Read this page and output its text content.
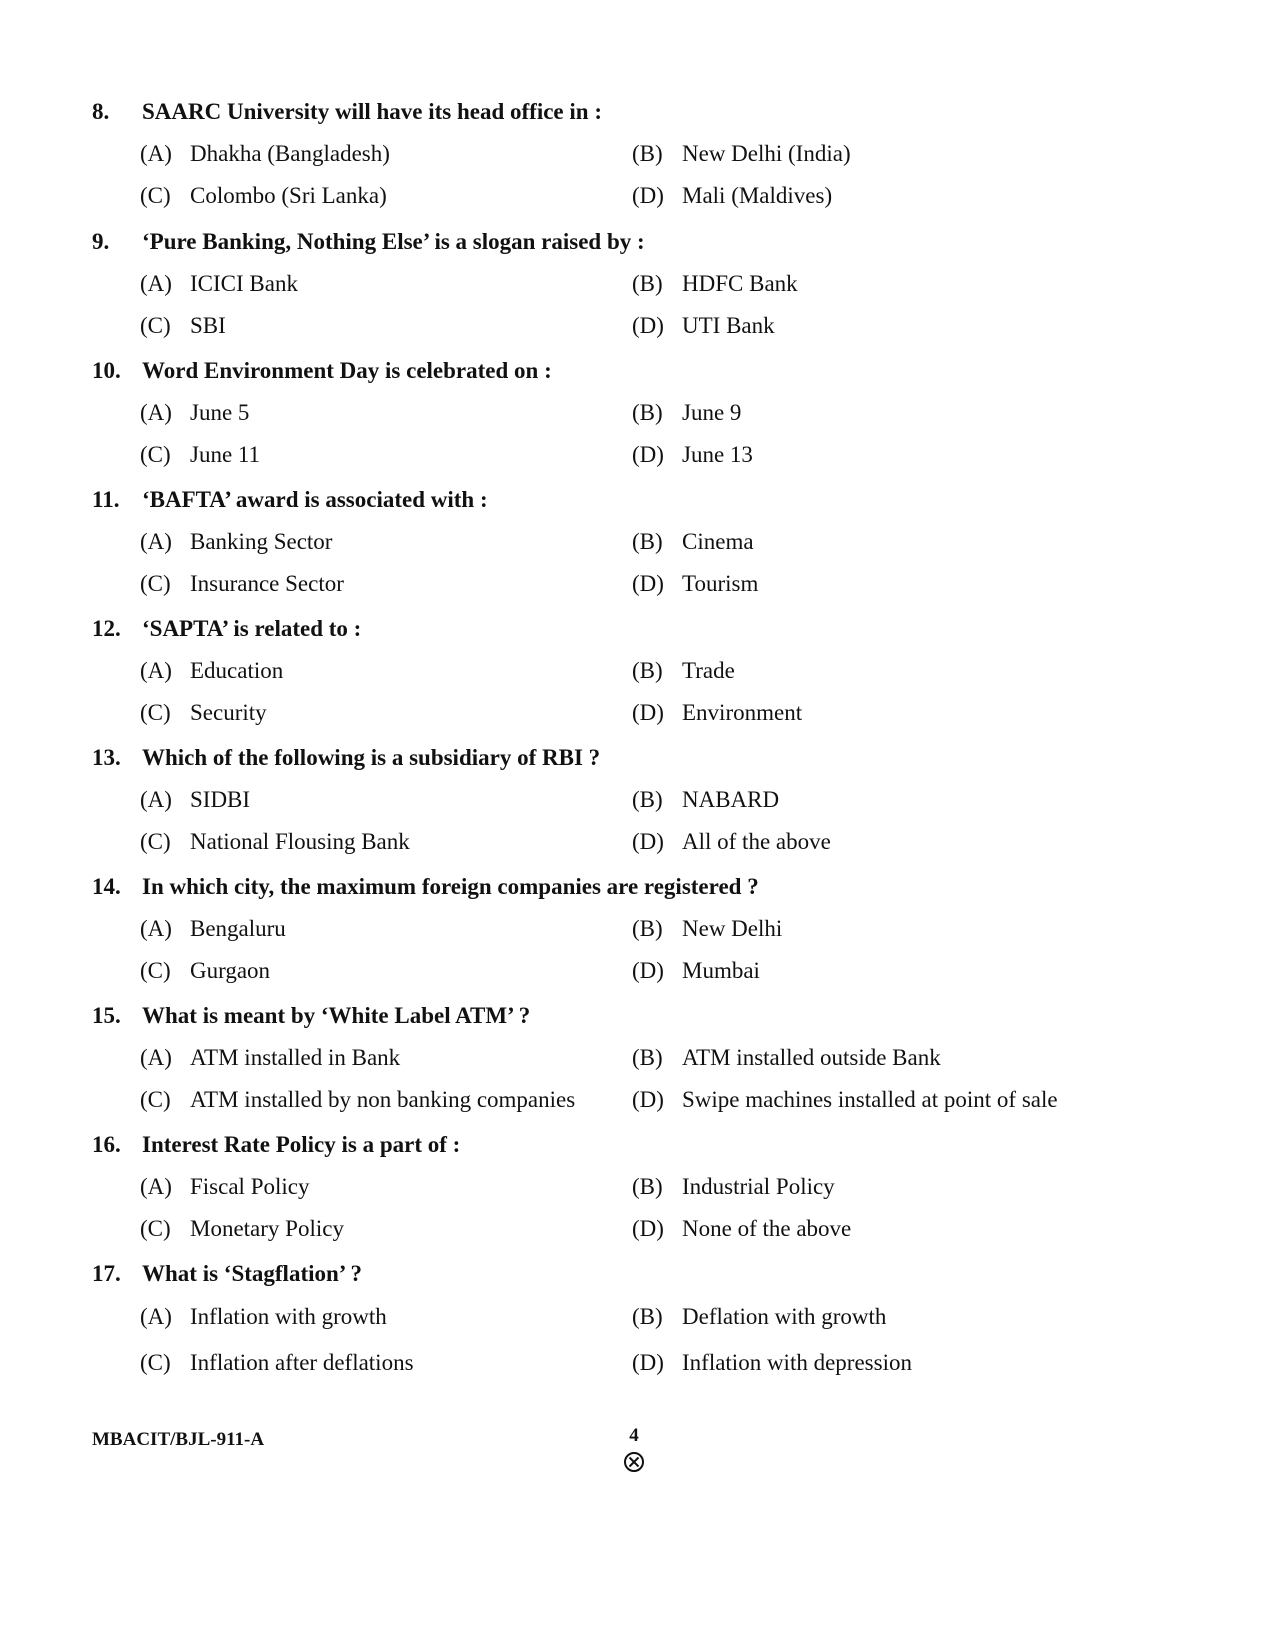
8. SAARC University will have its head office in :
(A) Dhakha (Bangladesh)	(B) New Delhi (India)
(C) Colombo (Sri Lanka)	(D) Mali (Maldives)
9. ‘Pure Banking, Nothing Else’ is a slogan raised by :
(A) ICICI Bank	(B) HDFC Bank
(C) SBI	(D) UTI Bank
10. Word Environment Day is celebrated on :
(A) June 5	(B) June 9
(C) June 11	(D) June 13
11. ‘BAFTA’ award is associated with :
(A) Banking Sector	(B) Cinema
(C) Insurance Sector	(D) Tourism
12. ‘SAPTA’ is related to :
(A) Education	(B) Trade
(C) Security	(D) Environment
13. Which of the following is a subsidiary of RBI ?
(A) SIDBI	(B) NABARD
(C) National Flousing Bank	(D) All of the above
14. In which city, the maximum foreign companies are registered ?
(A) Bengaluru	(B) New Delhi
(C) Gurgaon	(D) Mumbai
15. What is meant by ‘White Label ATM’ ?
(A) ATM installed in Bank	(B) ATM installed outside Bank
(C) ATM installed by non banking companies (D) Swipe machines installed at point of sale
16. Interest Rate Policy is a part of :
(A) Fiscal Policy	(B) Industrial Policy
(C) Monetary Policy	(D) None of the above
17. What is ‘Stagflation’ ?
(A) Inflation with growth	(B) Deflation with growth
(C) Inflation after deflations	(D) Inflation with depression
MBACIT/BJL-911-A	4
